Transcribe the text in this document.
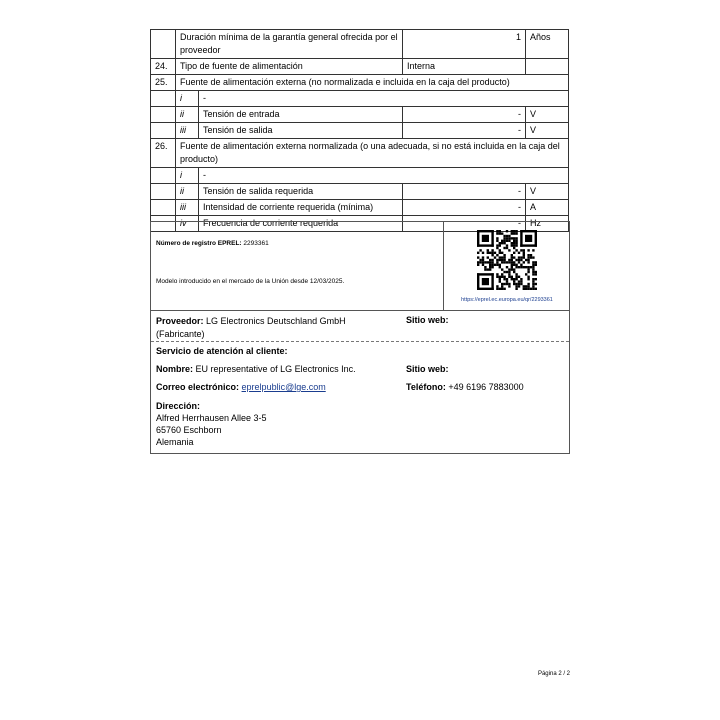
	Duración mínima de la garantía general ofrecida por el proveedor		1	Años
24.	Tipo de fuente de alimentación		Interna	
25.	Fuente de alimentación externa (no normalizada e incluida en la caja del producto)			
	i	-		
	ii	Tensión de entrada	-	V
	iii	Tensión de salida	-	V
26.	Fuente de alimentación externa normalizada (o una adecuada, si no está incluida en la caja del producto)			
	i	-		
	ii	Tensión de salida requerida	-	V
	iii	Intensidad de corriente requerida (mínima)	-	A
	iv	Frecuencia de corriente requerida	-	Hz
Número de registro EPREL: 2293361
Modelo introducido en el mercado de la Unión desde 12/03/2025.
https://eprel.ec.europa.eu/qr/2293361
Proveedor: LG Electronics Deutschland GmbH (Fabricante)
Sitio web:
Servicio de atención al cliente:
Nombre: EU representative of LG Electronics Inc.	Sitio web:
Correo electrónico: eprelpublic@lge.com	Teléfono: +49 6196 7883000
Dirección:
Alfred Herrhausen Allee 3-5
65760 Eschborn
Alemania
Página 2 / 2
